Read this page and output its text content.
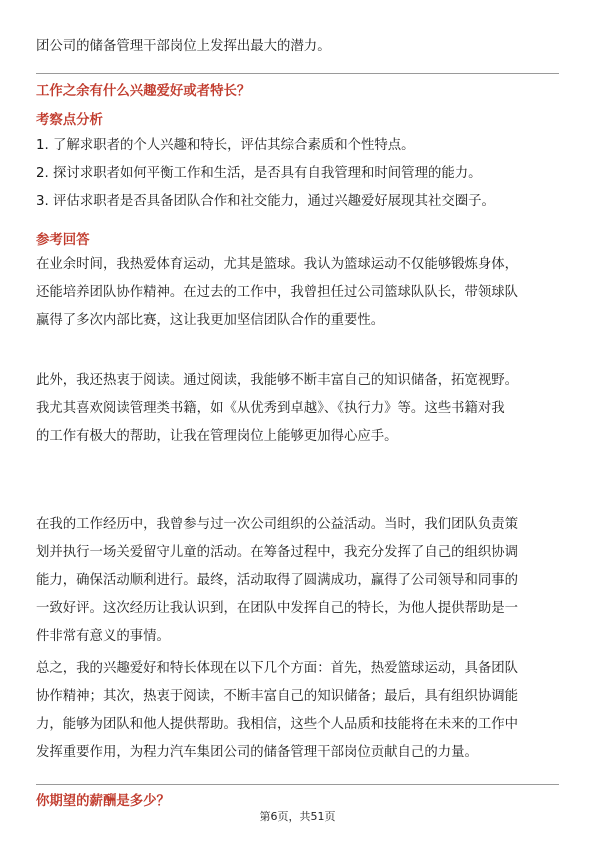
团公司的储备管理干部岗位上发挥出最大的潜力。
工作之余有什么兴趣爱好或者特长？
考察点分析
1. 了解求职者的个人兴趣和特长，评估其综合素质和个性特点。
2. 探讨求职者如何平衡工作和生活，是否具有自我管理和时间管理的能力。
3. 评估求职者是否具备团队合作和社交能力，通过兴趣爱好展现其社交圈子。
参考回答
在业余时间，我热爱体育运动，尤其是篮球。我认为篮球运动不仅能够锻炼身体，
还能培养团队协作精神。在过去的工作中，我曾担任过公司篮球队队长，带领球队
赢得了多次内部比赛，这让我更加坚信团队合作的重要性。
此外，我还热衷于阅读。通过阅读，我能够不断丰富自己的知识储备，拓宽视野。
我尤其喜欢阅读管理类书籍，如《从优秀到卓越》、《执行力》等。这些书籍对我
的工作有极大的帮助，让我在管理岗位上能够更加得心应手。
在我的工作经历中，我曾参与过一次公司组织的公益活动。当时，我们团队负责策
划并执行一场关爱留守儿童的活动。在筹备过程中，我充分发挥了自己的组织协调
能力，确保活动顺利进行。最终，活动取得了圆满成功，赢得了公司领导和同事的
一致好评。这次经历让我认识到，在团队中发挥自己的特长，为他人提供帮助是一
件非常有意义的事情。
总之，我的兴趣爱好和特长体现在以下几个方面：首先，热爱篮球运动，具备团队
协作精神；其次，热衷于阅读，不断丰富自己的知识储备；最后，具有组织协调能
力，能够为团队和他人提供帮助。我相信，这些个人品质和技能将在未来的工作中
发挥重要作用，为程力汽车集团公司的储备管理干部岗位贡献自己的力量。
你期望的薪酬是多少？
第6页，共51页
